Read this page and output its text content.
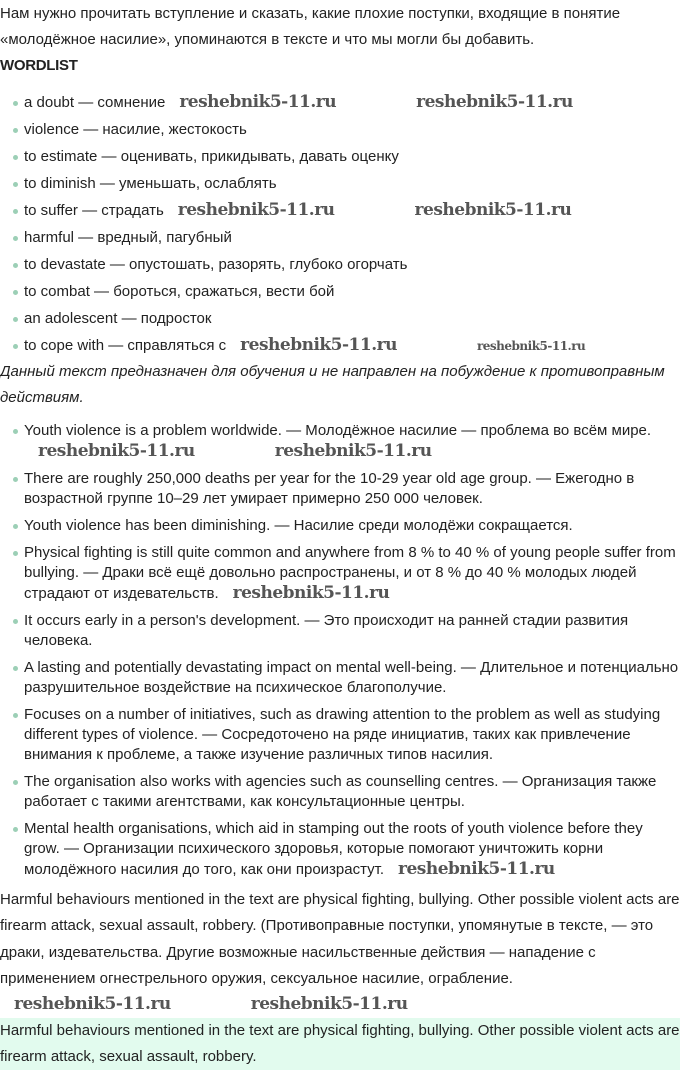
Нам нужно прочитать вступление и сказать, какие плохие поступки, входящие в понятие «молодёжное насилие», упоминаются в тексте и что мы могли бы добавить.

WORDLIST
a doubt — сомнение reshebnik5-11.ru	reshebnik5-11.ru
violence — насилие, жестокость
to estimate — оценивать, прикидывать, давать оценку
to diminish — уменьшать, ослаблять
to suffer — страдать reshebnik5-11.ru	reshebnik5-11.ru
harmful — вредный, пагубный
to devastate — опустошать, разорять, глубоко огорчать
to combat — бороться, сражаться, вести бой
an adolescent — подросток
to cope with — справляться с reshebnik5-11.ru	reshebnik5-11.ru

Данный текст предназначен для обучения и не направлен на побуждение к противоправным действиям.

Youth violence is a problem worldwide. — Молодёжное насилие — проблема во всём мире.reshebnik5-11.ru	reshebnik5-11.ru
There are roughly 250,000 deaths per year for the 10-29 year old age group. — Ежегодно в возрастной группе 10–29 лет умирает примерно 250 000 человек.
Youth violence has been diminishing. — Насилие среди молодёжи сокращается.
Physical fighting is still quite common and anywhere from 8 % to 40 % of young people suffer from bullying. — Драки всё ещё довольно распространены, и от 8 % до 40 % молодых людей страдают от издевательств. reshebnik5-11.ru
It occurs early in a person's development. — Это происходит на ранней стадии развития человека.
A lasting and potentially devastating impact on mental well-being. — Длительное и потенциально разрушительное воздействие на психическое благополучие.
Focuses on a number of initiatives, such as drawing attention to the problem as well as studying different types of violence. — Сосредоточено на ряде инициатив, таких как привлечение внимания к проблеме, а также изучение различных типов насилия.
The organisation also works with agencies such as counselling centres. — Организация также работает с такими агентствами, как консультационные центры.
Mental health organisations, which aid in stamping out the roots of youth violence before they grow. — Организации психического здоровья, которые помогают уничтожить корни молодёжного насилия до того, как они произрастут. reshebnik5-11.ru

Harmful behaviours mentioned in the text are physical fighting, bullying. Other possible violent acts are firearm attack, sexual assault, robbery. (Противоправные поступки, упомянутые в тексте, — это драки, издевательства. Другие возможные насильственные действия — нападение с применением огнестрельного оружия, сексуальное насилие, ограбление.reshebnik5-11.ru	reshebnik5-11.ru

Harmful behaviours mentioned in the text are physical fighting, bullying. Other possible violent acts are firearm attack, sexual assault, robbery.
